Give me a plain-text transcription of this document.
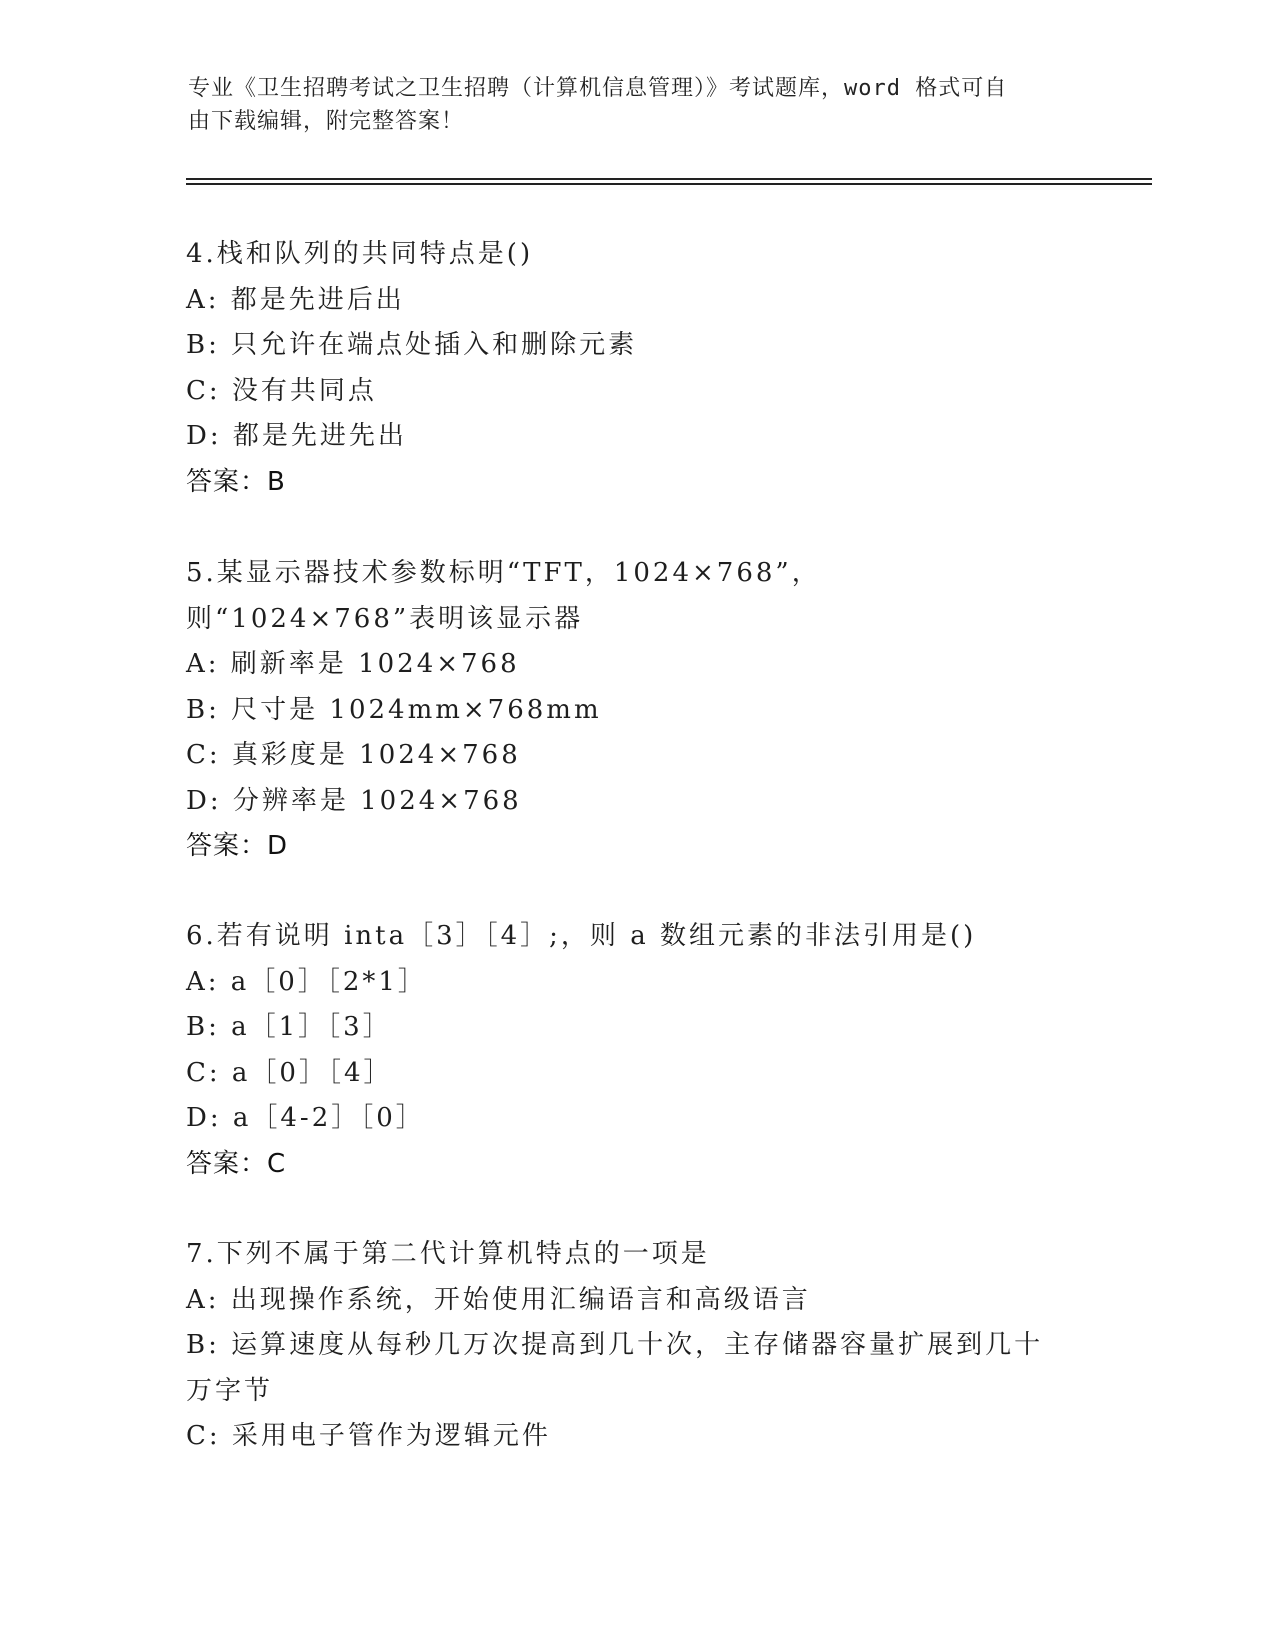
专业《卫生招聘考试之卫生招聘（计算机信息管理）》考试题库，word 格式可自
由下载编辑，附完整答案！

4.栈和队列的共同特点是()

A: 都是先进后出

B: 只允许在端点处插入和删除元素

C: 没有共同点

D: 都是先进先出

答案：B

5.某显示器技术参数标明“TFT，1024×768”，则“1024×768”表明该显示器

A: 刷新率是 1024×768

B: 尺寸是 1024mm×768mm

C: 真彩度是 1024×768

D: 分辨率是 1024×768

答案：D

6.若有说明 inta［3］［4］;，则 a 数组元素的非法引用是()

A: a［0］［2*1］

B: a［1］［3］

C: a［0］［4］

D: a［4-2］［0］

答案：C

7.下列不属于第二代计算机特点的一项是

A: 出现操作系统，开始使用汇编语言和高级语言

B: 运算速度从每秒几万次提高到几十次，主存储器容量扩展到几十万字节

C: 采用电子管作为逻辑元件
